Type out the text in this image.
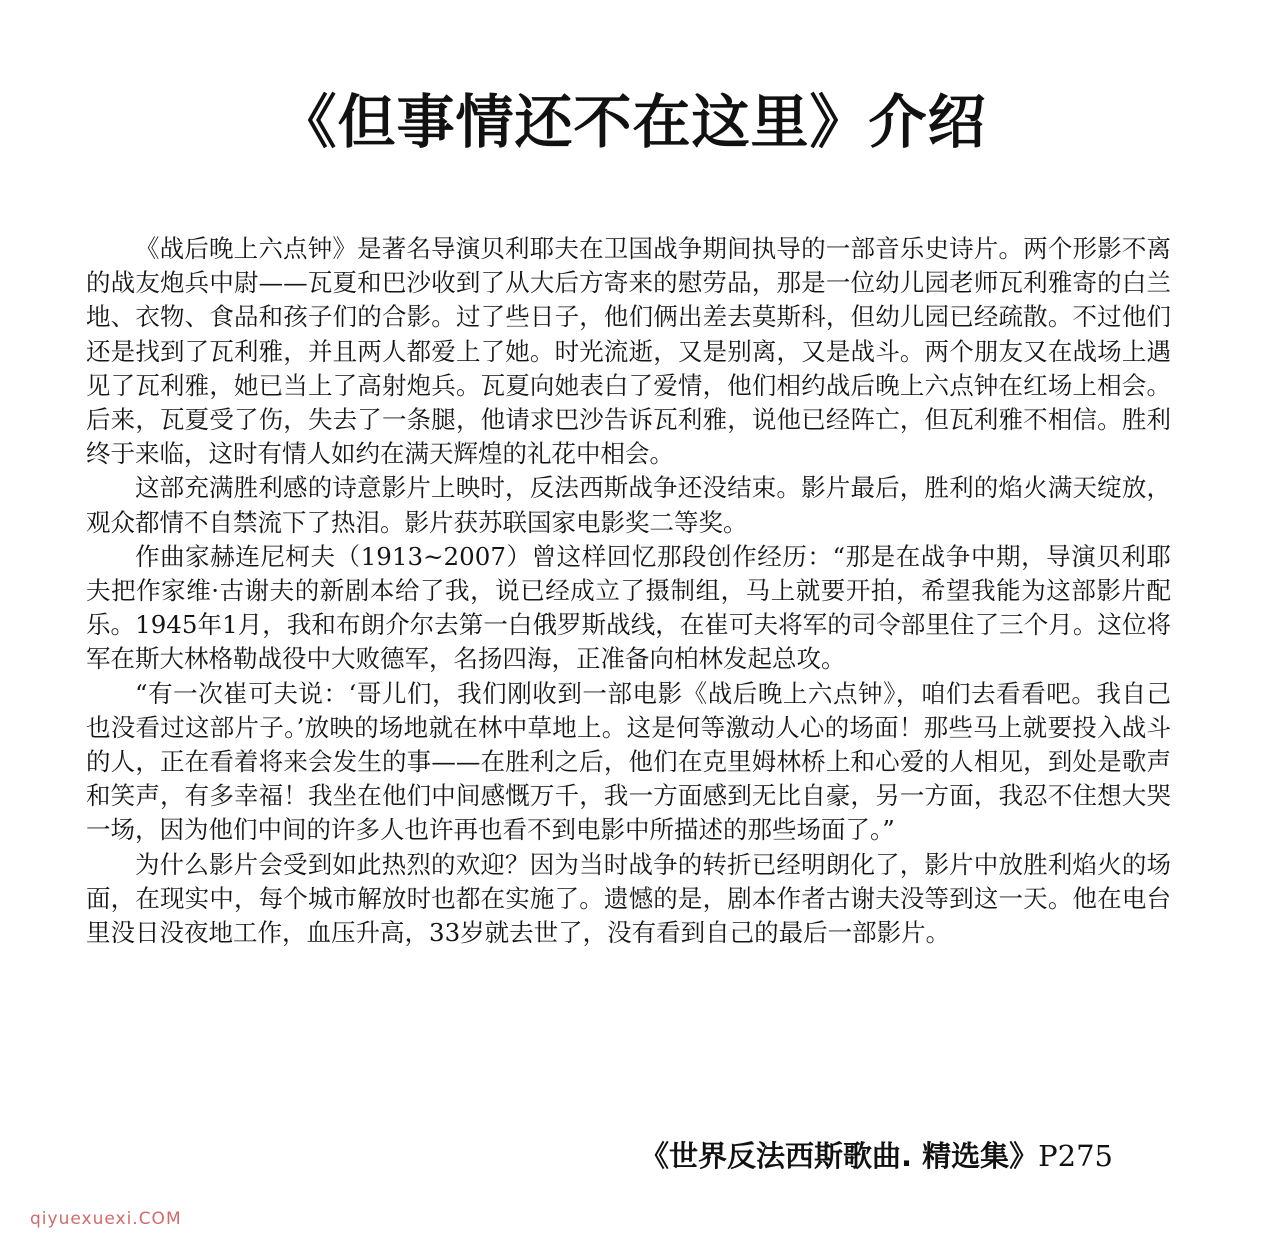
《但事情还不在这里》介绍

《战后晚上六点钟》是著名导演贝利耶夫在卫国战争期间执导的一部音乐史诗片。两个形影不离的战友炮兵中尉——瓦夏和巴沙收到了从大后方寄来的慰劳品，那是一位幼儿园老师瓦利雅寄的白兰地、衣物、食品和孩子们的合影。过了些日子，他们俩出差去莫斯科，但幼儿园已经疏散。不过他们还是找到了瓦利雅，并且两人都爱上了她。时光流逝，又是别离，又是战斗。两个朋友又在战场上遇见了瓦利雅，她已当上了高射炮兵。瓦夏向她表白了爱情，他们相约战后晚上六点钟在红场上相会。后来，瓦夏受了伤，失去了一条腿，他请求巴沙告诉瓦利雅，说他已经阵亡，但瓦利雅不相信。胜利终于来临，这时有情人如约在满天辉煌的礼花中相会。

这部充满胜利感的诗意影片上映时，反法西斯战争还没结束。影片最后，胜利的焰火满天绽放，观众都情不自禁流下了热泪。影片获苏联国家电影奖二等奖。

作曲家赫连尼柯夫（1913~2007）曾这样回忆那段创作经历：“那是在战争中期，导演贝利耶夫把作家维·古谢夫的新剧本给了我，说已经成立了摄制组，马上就要开拍，希望我能为这部影片配乐。1945年1月，我和布朗介尔去第一白俄罗斯战线，在崔可夫将军的司令部里住了三个月。这位将军在斯大林格勒战役中大败德军，名扬四海，正准备向柏林发起总攻。

“有一次崔可夫说：‘哥儿们，我们刚收到一部电影《战后晚上六点钟》，咱们去看看吧。我自己也没看过这部片子。’放映的场地就在林中草地上。这是何等激动人心的场面！那些马上就要投入战斗的人，正在看着将来会发生的事——在胜利之后，他们在克里姆林桥上和心爱的人相见，到处是歌声和笑声，有多幸福！我坐在他们中间感慨万千，我一方面感到无比自豪，另一方面，我忍不住想大哭一场，因为他们中间的许多人也许再也看不到电影中所描述的那些场面了。”

为什么影片会受到如此热烈的欢迎？因为当时战争的转折已经明朗化了，影片中放胜利焰火的场面，在现实中，每个城市解放时也都在实施了。遗憾的是，剧本作者古谢夫没等到这一天。他在电台里没日没夜地工作，血压升高，33岁就去世了，没有看到自己的最后一部影片。

《世界反法西斯歌曲. 精选集》P275
qiyuexuexi.COM
